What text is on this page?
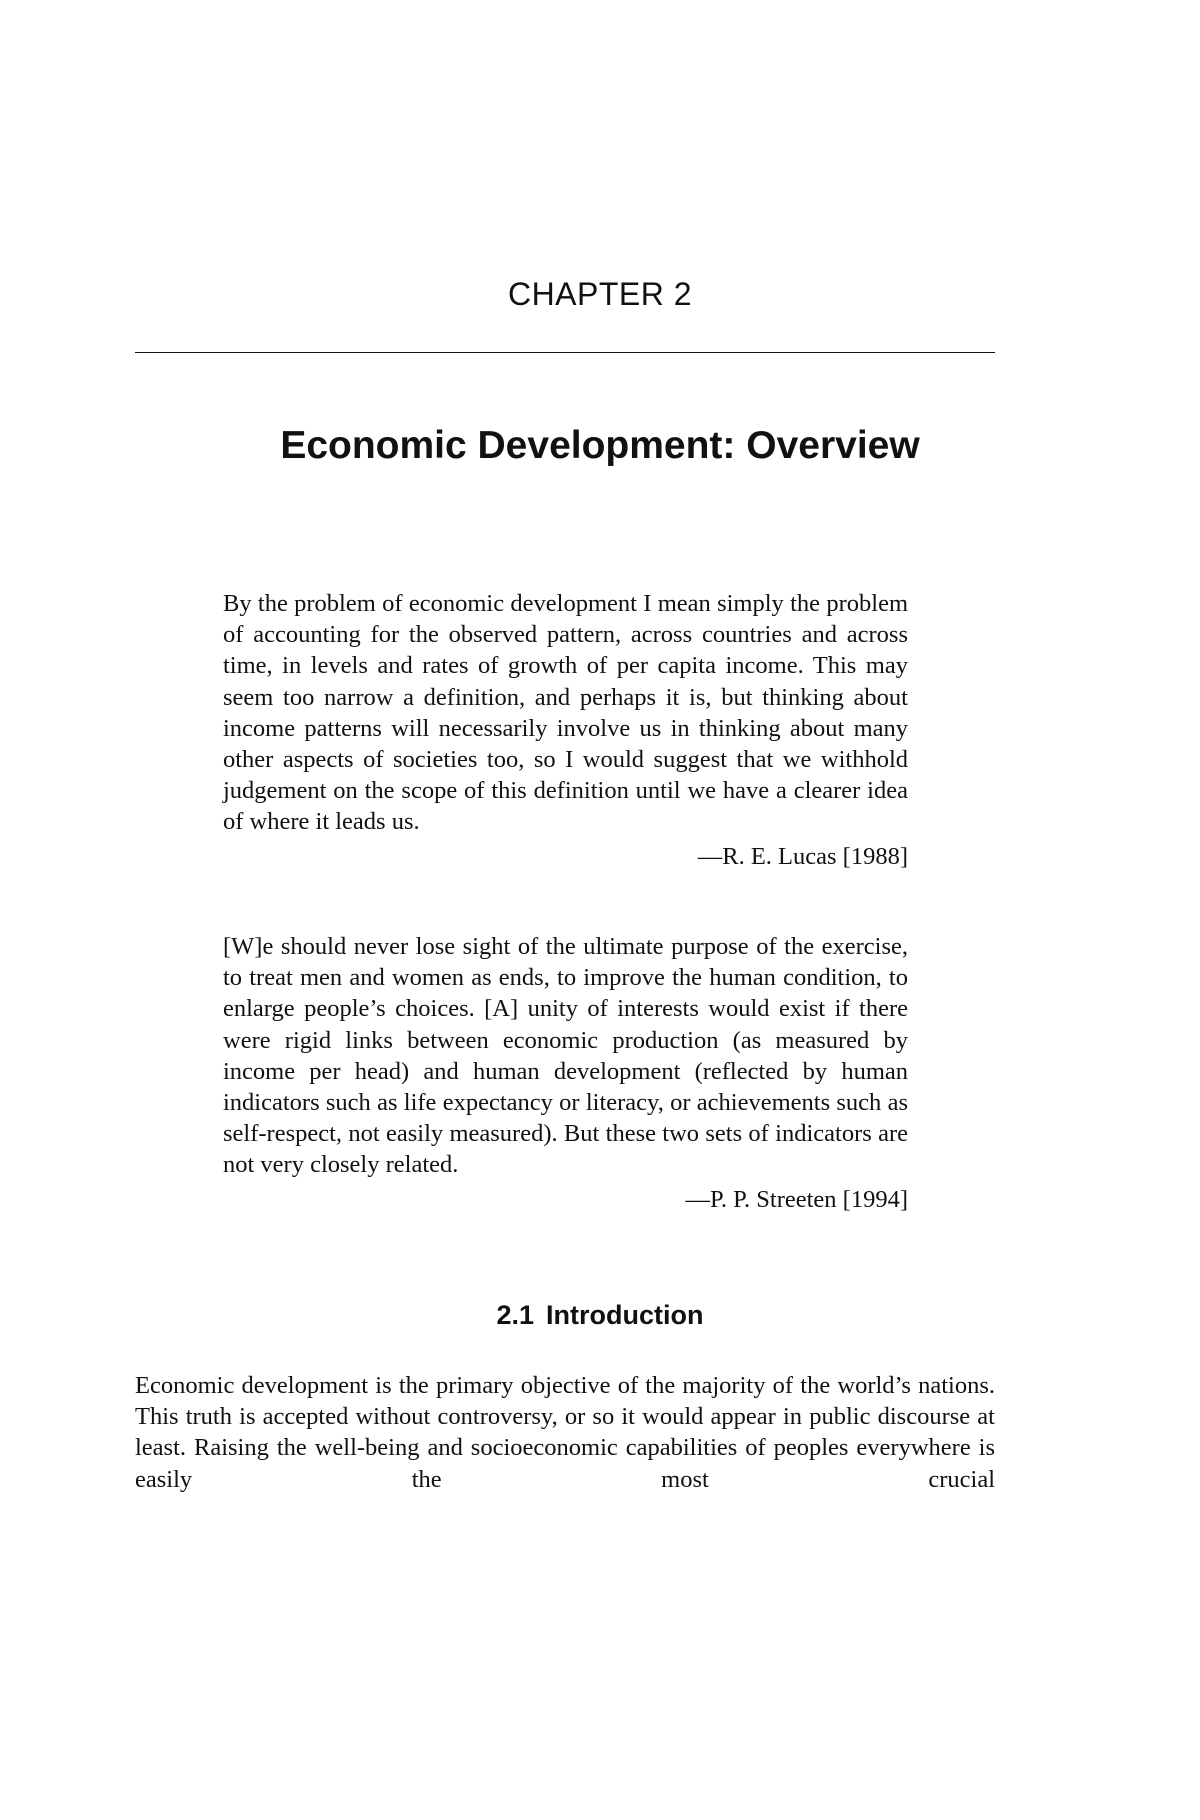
CHAPTER 2
Economic Development: Overview

By the problem of economic development I mean simply the problem of accounting for the observed pattern, across countries and across time, in levels and rates of growth of per capita income. This may seem too narrow a definition, and perhaps it is, but thinking about income patterns will necessarily involve us in thinking about many other aspects of societies too, so I would suggest that we withhold judgement on the scope of this definition until we have a clearer idea of where it leads us.

—R. E. Lucas [1988]

[W]e should never lose sight of the ultimate purpose of the exercise, to treat men and women as ends, to improve the human condition, to enlarge people’s choices. [A] unity of interests would exist if there were rigid links between economic production (as measured by income per head) and human development (reflected by human indicators such as life expectancy or literacy, or achievements such as self-respect, not easily measured). But these two sets of indicators are not very closely related.

—P. P. Streeten [1994]

2.1 Introduction

Economic development is the primary objective of the majority of the world’s nations. This truth is accepted without controversy, or so it would appear in public discourse at least. Raising the well-being and socioeconomic capabilities of peoples everywhere is easily the most crucial
